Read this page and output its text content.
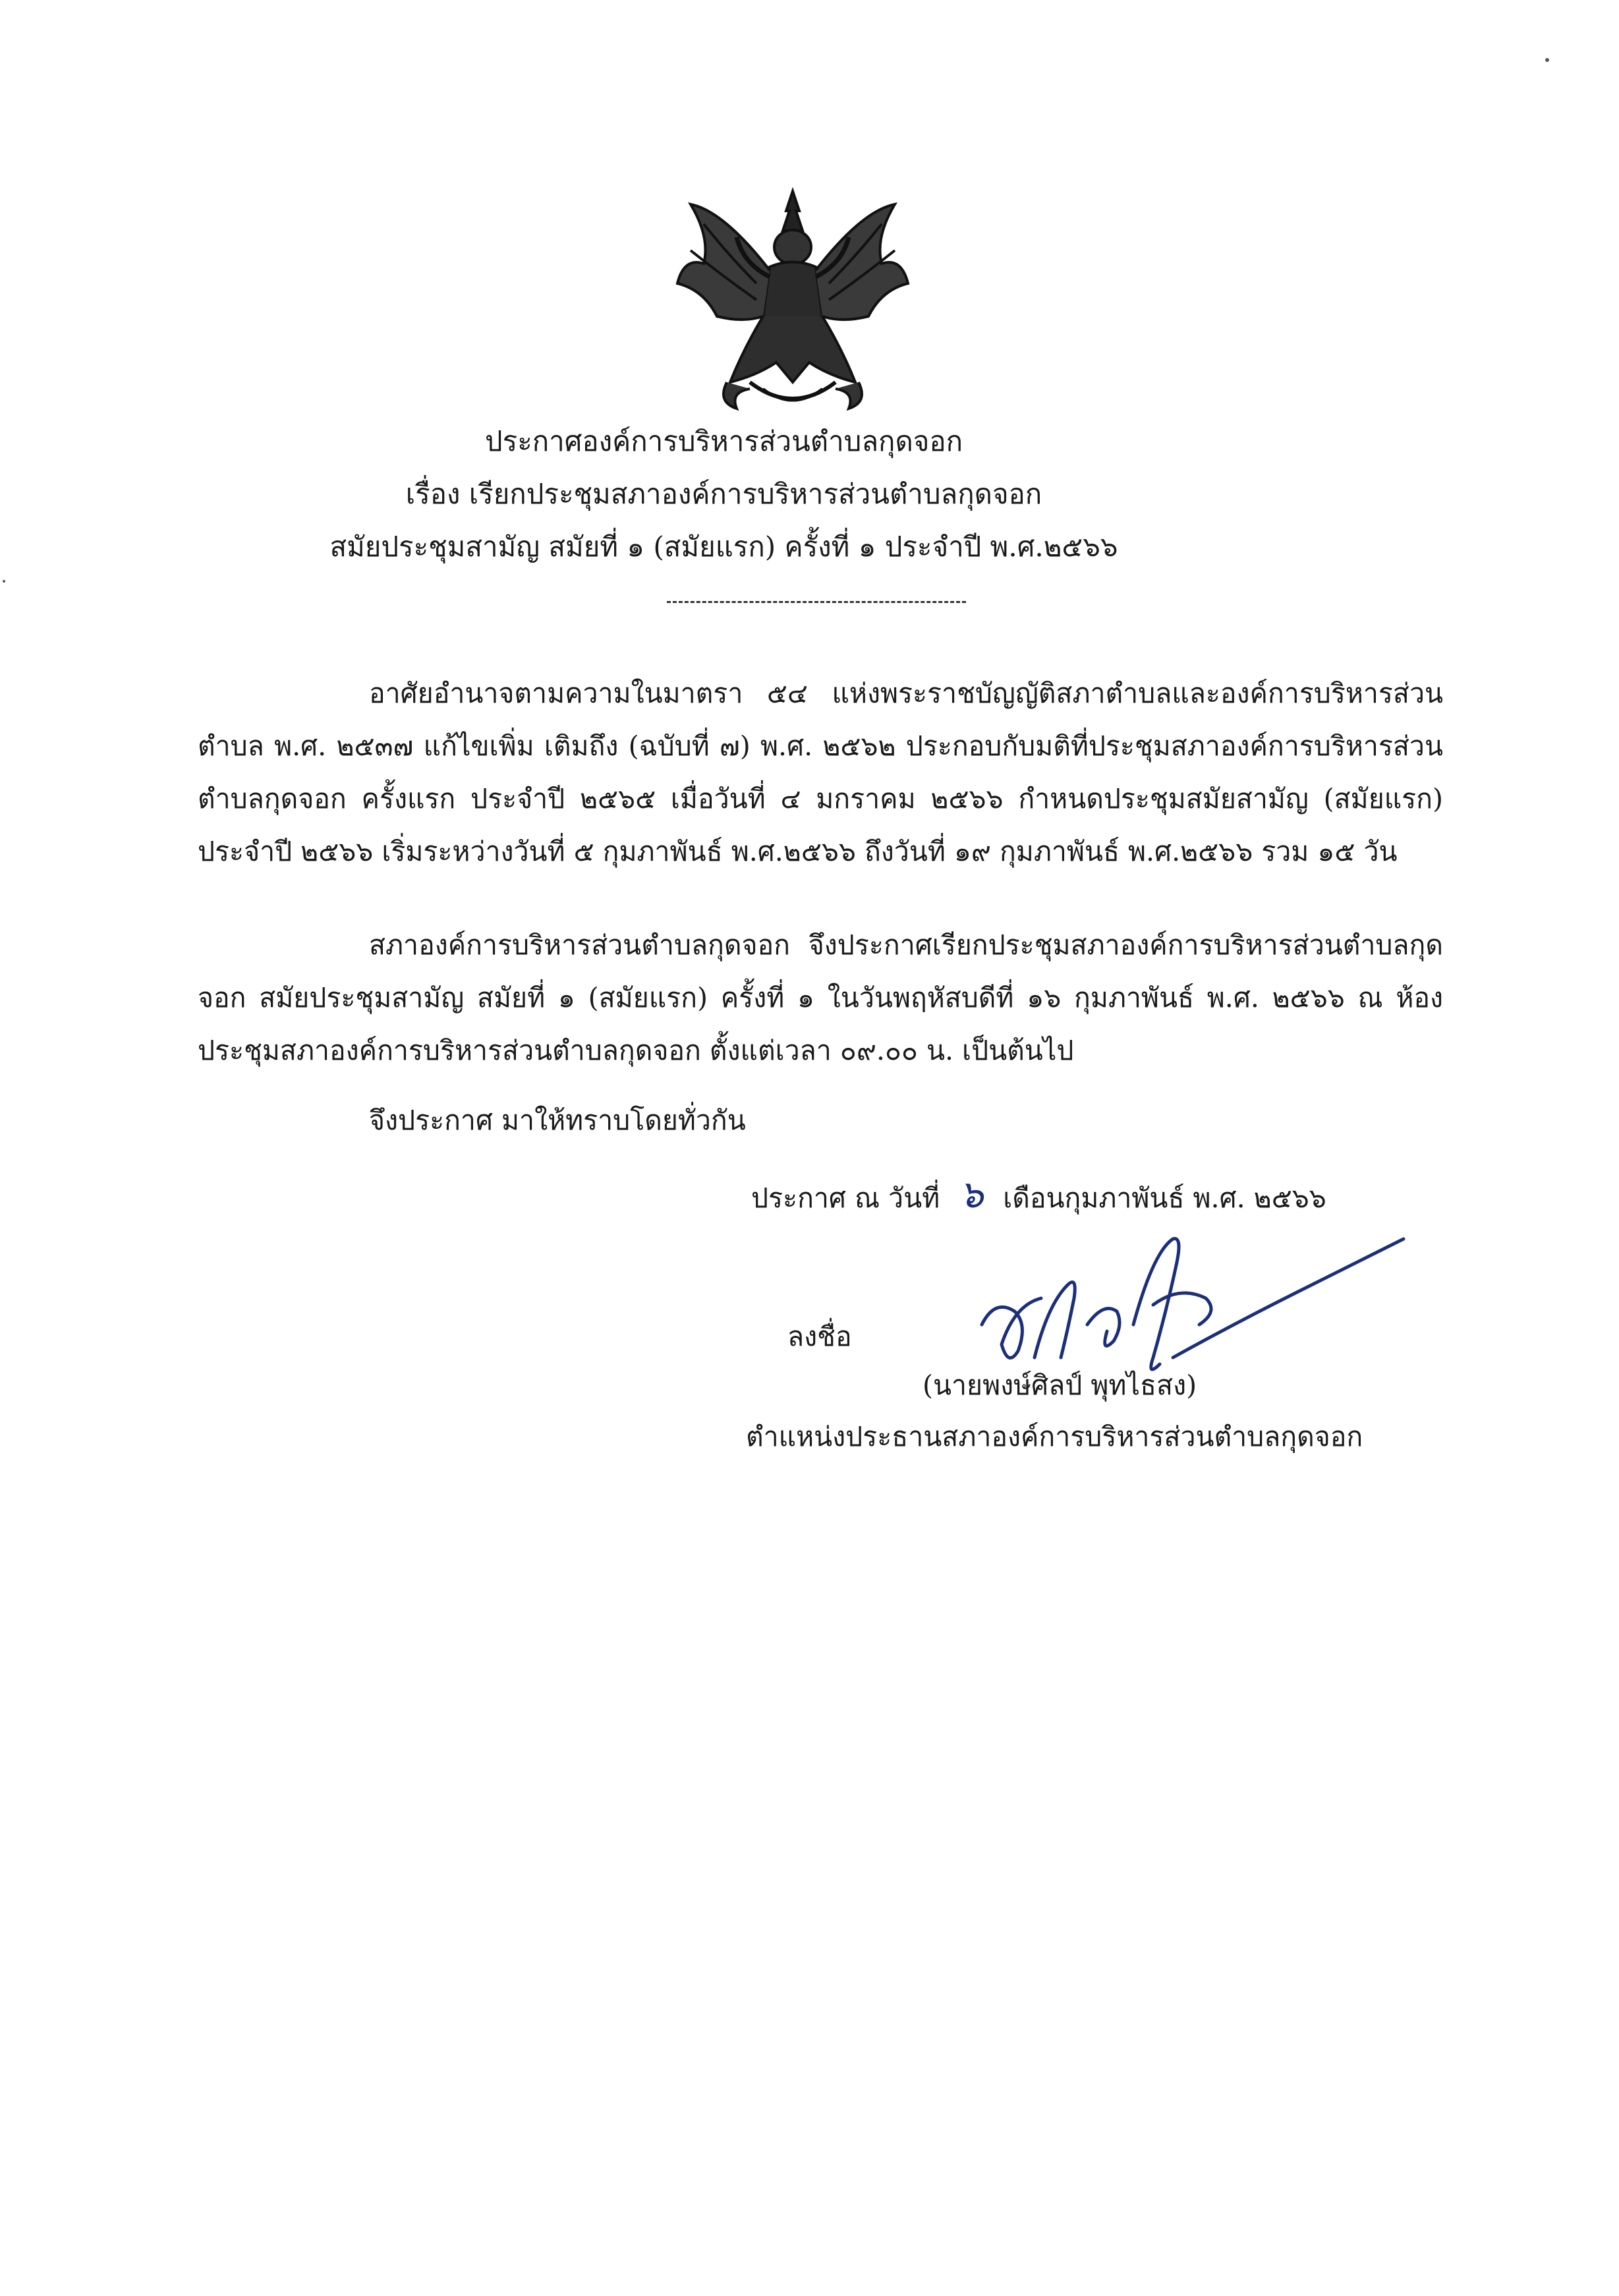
ประกาศองค์การบริหารส่วนตำบลกุดจอก
เรื่อง เรียกประชุมสภาองค์การบริหารส่วนตำบลกุดจอก
สมัยประชุมสามัญ สมัยที่ ๑ (สมัยแรก) ครั้งที่ ๑ ประจำปี พ.ศ.๒๕๖๖
อาศัยอำนาจตามความในมาตรา ๕๔ แห่งพระราชบัญญัติสภาตำบลและองค์การบริหารส่วนตำบล พ.ศ. ๒๕๓๗ แก้ไขเพิ่ม เติมถึง (ฉบับที่ ๗) พ.ศ. ๒๕๖๒ ประกอบกับมติที่ประชุมสภาองค์การบริหารส่วนตำบลกุดจอก ครั้งแรก ประจำปี ๒๕๖๕ เมื่อวันที่ ๔ มกราคม ๒๕๖๖ กำหนดประชุมสมัยสามัญ (สมัยแรก) ประจำปี ๒๕๖๖ เริ่มระหว่างวันที่ ๕ กุมภาพันธ์ พ.ศ.๒๕๖๖ ถึงวันที่ ๑๙ กุมภาพันธ์ พ.ศ.๒๕๖๖ รวม ๑๕ วัน
สภาองค์การบริหารส่วนตำบลกุดจอก จึงประกาศเรียกประชุมสภาองค์การบริหารส่วนตำบลกุดจอก สมัยประชุมสามัญ สมัยที่ ๑ (สมัยแรก) ครั้งที่ ๑ ในวันพฤหัสบดีที่ ๑๖ กุมภาพันธ์ พ.ศ. ๒๕๖๖ ณ ห้องประชุมสภาองค์การบริหารส่วนตำบลกุดจอก ตั้งแต่เวลา ๐๙.๐๐ น. เป็นต้นไป
จึงประกาศ มาให้ทราบโดยทั่วกัน
ประกาศ ณ วันที่ ๖ เดือนกุมภาพันธ์ พ.ศ. ๒๕๖๖
ลงชื่อ
(นายพงษ์ศิลป์ พุทไธสง)
ตำแหน่งประธานสภาองค์การบริหารส่วนตำบลกุดจอก
